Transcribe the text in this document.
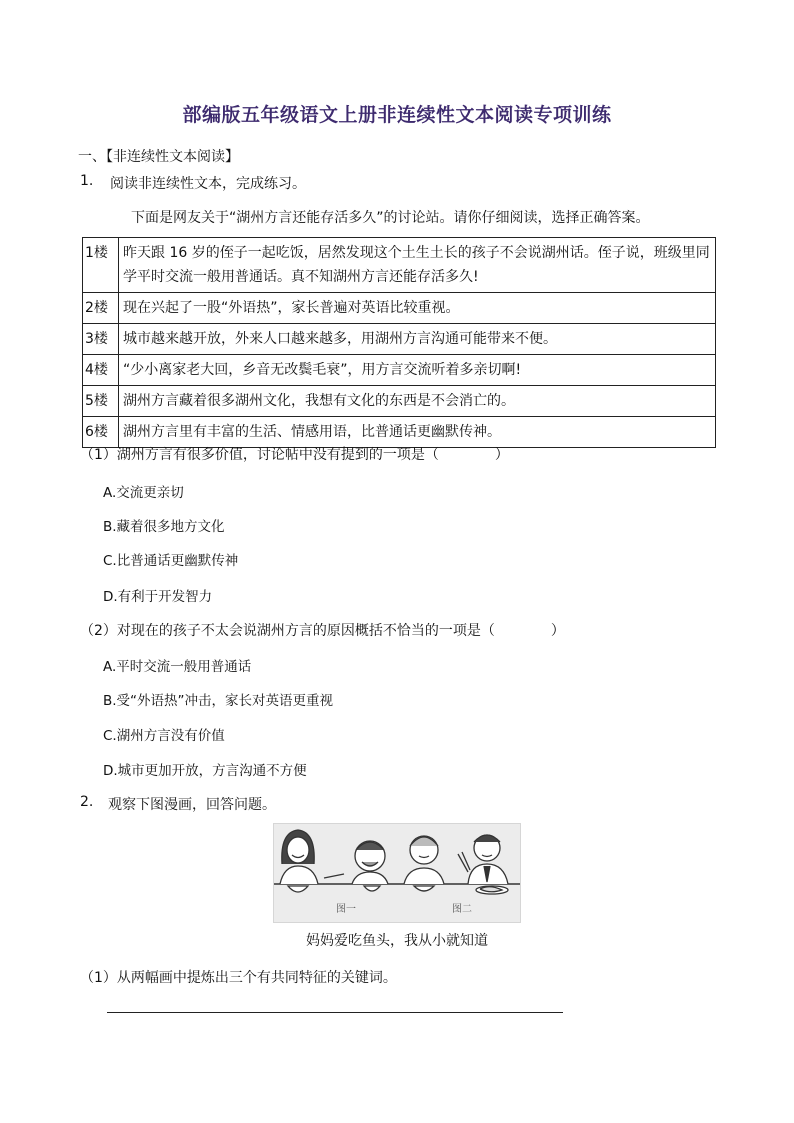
部编版五年级语文上册非连续性文本阅读专项训练
一、【非连续性文本阅读】
1. 阅读非连续性文本，完成练习。
下面是网友关于“湖州方言还能存活多久”的讨论站。请你仔细阅读，选择正确答案。
1楼	昨天跟 16 岁的侄子一起吃饭，居然发现这个土生土长的孩子不会说湖州话。侄子说，班级里同学平时交流一般用普通话。真不知湖州方言还能存活多久!
2楼	现在兴起了一股“外语热”，家长普遍对英语比较重视。
3楼	城市越来越开放，外来人口越来越多，用湖州方言沟通可能带来不便。
4楼	“少小离家老大回，乡音无改鬓毛衰”，用方言交流听着多亲切啊!
5楼	湖州方言藏着很多湖州文化，我想有文化的东西是不会消亡的。
6楼	湖州方言里有丰富的生活、情感用语，比普通话更幽默传神。
（1）湖州方言有很多价值，讨论帖中没有提到的一项是（　　　　）
A.交流更亲切
B.藏着很多地方文化
C.比普通话更幽默传神
D.有利于开发智力
（2）对现在的孩子不太会说湖州方言的原因概括不恰当的一项是（　　　　）
A.平时交流一般用普通话
B.受“外语热”冲击，家长对英语更重视
C.湖州方言没有价值
D.城市更加开放，方言沟通不方便
2. 观察下图漫画，回答问题。
图一	图二
妈妈爱吃鱼头，我从小就知道
（1）从两幅画中提炼出三个有共同特征的关键词。
